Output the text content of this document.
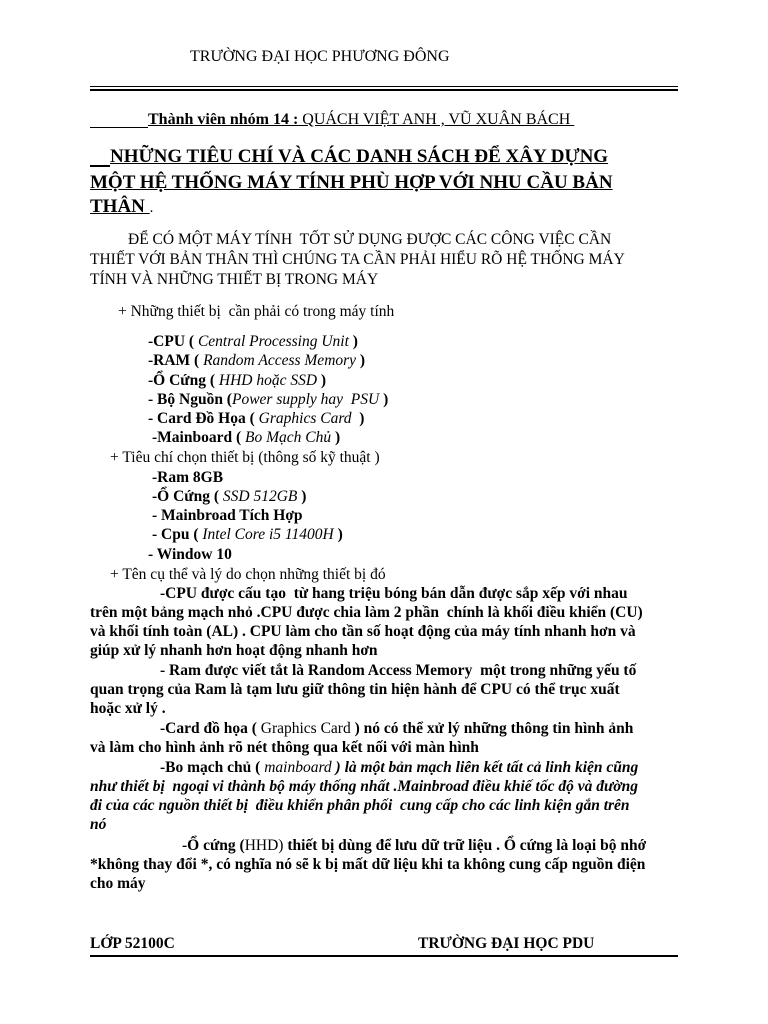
TRƯỜNG ĐẠI HỌC PHƯƠNG ĐÔNG
Thành viên nhóm 14 : QUÁCH VIỆT ANH , VŨ XUÂN BÁCH
NHỮNG TIÊU CHÍ VÀ CÁC DANH SÁCH ĐỂ XÂY DỰNG
MỘT HỆ THỐNG MÁY TÍNH PHÙ HỢP VỚI NHU CẦU BẢN
THÂN .
ĐỂ CÓ MỘT MÁY TÍNH  TỐT SỬ DỤNG ĐƯỢC CÁC CÔNG VIỆC CẦN
THIẾT VỚI BẢN THÂN THÌ CHÚNG TA CẦN PHẢI HIỂU RÕ HỆ THỐNG MÁY
TÍNH VÀ NHỮNG THIẾT BỊ TRONG MÁY
+ Những thiết bị  cần phải có trong máy tính
-CPU ( Central Processing Unit )
-RAM ( Random Access Memory )
-Ổ Cứng ( HHD hoặc SSD )
- Bộ Nguồn (Power supply hay  PSU )
- Card Đồ Họa ( Graphics Card  )
-Mainboard ( Bo Mạch Chủ )
+ Tiêu chí chọn thiết bị (thông số kỹ thuật )
-Ram 8GB
-Ổ Cứng ( SSD 512GB )
- Mainbroad Tích Hợp
- Cpu ( Intel Core i5 11400H )
- Window 10
+ Tên cụ thể và lý do chọn những thiết bị đó
-CPU được cấu tạo  từ hang triệu bóng bán dẫn được sắp xếp với nhau
trên một bảng mạch nhỏ .CPU được chia làm 2 phần  chính là khối điều khiển (CU)
và khối tính toàn (AL) . CPU làm cho tần số hoạt động của máy tính nhanh hơn và
giúp xử lý nhanh hơn hoạt động nhanh hơn
- Ram được viết tắt là Random Access Memory  một trong những yếu tố
quan trọng của Ram là tạm lưu giữ thông tin hiện hành để CPU có thể trục xuất
hoặc xử lý .
-Card đồ họa ( Graphics Card ) nó có thể xử lý những thông tin hình ảnh
và làm cho hình ảnh rõ nét thông qua kết nối với màn hình
-Bo mạch chủ ( mainboard ) là một bản mạch liên kết tất cả linh kiện cũng
như thiết bị  ngoại vi thành bộ máy thống nhất .Mainbroad điều khiế tốc độ và đường
đi của các nguồn thiết bị  điều khiển phân phối  cung cấp cho các linh kiện gắn trên
nó
-Ổ cứng (HHD) thiết bị dùng để lưu dữ trữ liệu . Ổ cứng là loại bộ nhớ
*không thay đổi *, có nghĩa nó sẽ k bị mất dữ liệu khi ta không cung cấp nguồn điện
cho máy
LỚP 52100C	TRƯỜNG ĐẠI HỌC PDU
